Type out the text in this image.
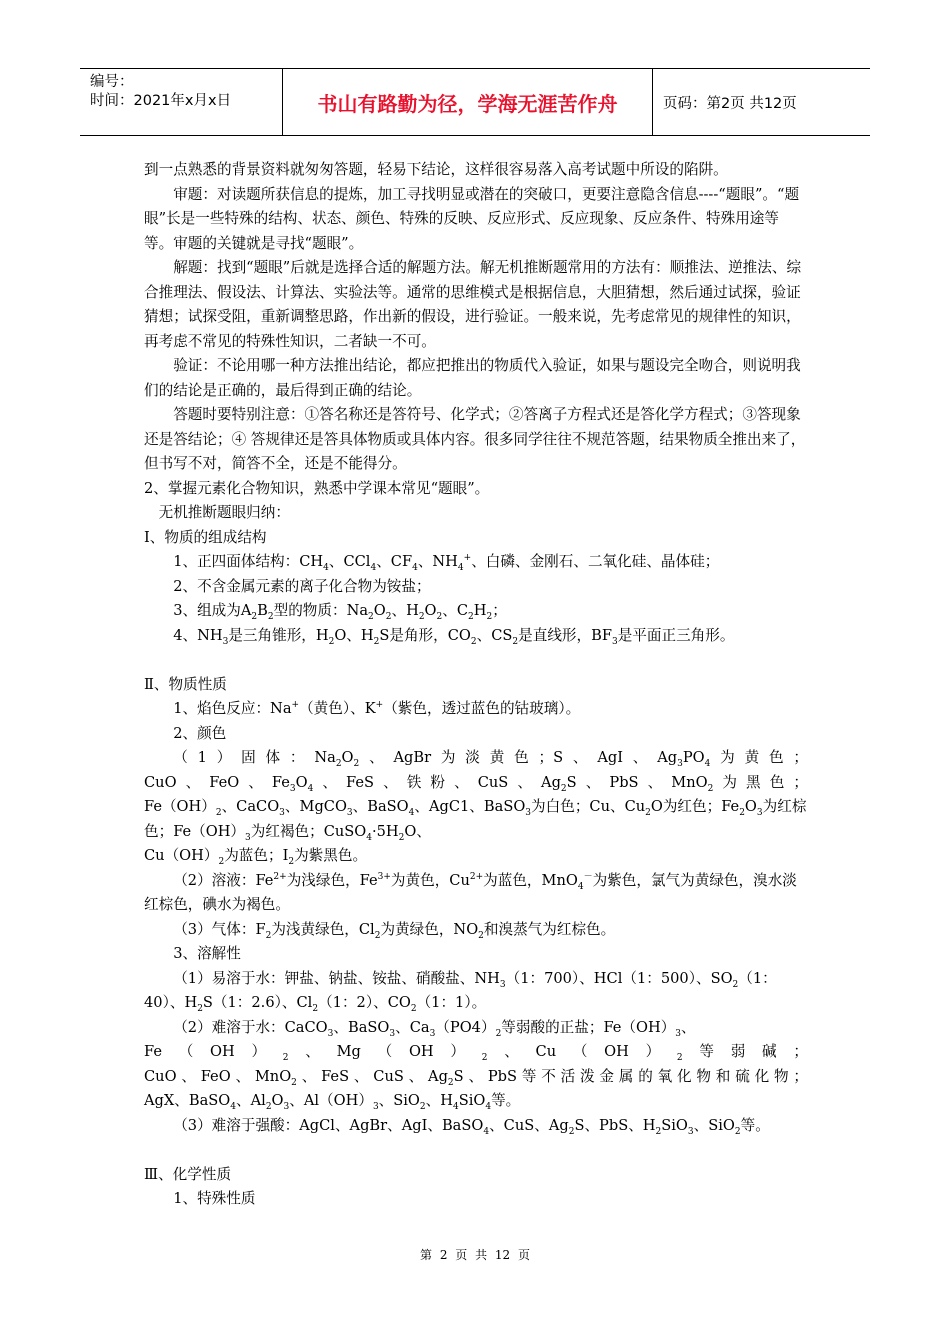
编号：
时间：2021年x月x日	书山有路勤为径，学海无涯苦作舟	页码：第2页 共12页

到一点熟悉的背景资料就匆匆答题，轻易下结论，这样很容易落入高考试题中所设的陷阱。

审题：对读题所获信息的提炼，加工寻找明显或潜在的突破口，更要注意隐含信息----“题眼”。“题眼”长是一些特殊的结构、状态、颜色、特殊的反映、反应形式、反应现象、反应条件、特殊用途等等。审题的关键就是寻找“题眼”。

解题：找到“题眼”后就是选择合适的解题方法。解无机推断题常用的方法有：顺推法、逆推法、综合推理法、假设法、计算法、实验法等。通常的思维模式是根据信息，大胆猜想，然后通过试探，验证猜想；试探受阻，重新调整思路，作出新的假设，进行验证。一般来说，先考虑常见的规律性的知识，再考虑不常见的特殊性知识，二者缺一不可。

验证：不论用哪一种方法推出结论，都应把推出的物质代入验证，如果与题设完全吻合，则说明我们的结论是正确的，最后得到正确的结论。

答题时要特别注意：①答名称还是答符号、化学式；②答离子方程式还是答化学方程式；③答现象还是答结论；④ 答规律还是答具体物质或具体内容。很多同学往往不规范答题，结果物质全推出来了，但书写不对，简答不全，还是不能得分。

2、掌握元素化合物知识，熟悉中学课本常见“题眼”。

无机推断题眼归纳：

I、物质的组成结构

1、正四面体结构：$CH_4$、CCl$_4$、$CF_4$、$NH_4^+$、白磷、金刚石、二氧化硅、晶体硅；

2、不含金属元素的离子化合物为铵盐；

3、组成为$A_2B_2$型的物质：$Na_2O_2$、$H_2O_2$、$C_2H_2$；

4、$NH_3$是三角锥形，$H_2O$、$H_2S$是角形，$CO_2$、$CS_2$是直线形，$BF_3$是平面正三角形。

Ⅱ、物质性质

1、焰色反应：Na+（黄色）、K+（紫色，透过蓝色的钴玻璃）。

2、颜色

（1）固体：$Na_2O_2$、AgBr为淡黄色；S、AgI、$Ag_3PO_4$为黄色；

CuO、FeO、$Fe_3O_4$、FeS、铁粉、CuS、$Ag_2S$、PbS、MnO$_2$为黑色；

$Fe(OH)_2$、CaCO$_3$、MgCO$_3$、BaSO$_4$、AgC1、BaSO$_3$为白色；Cu、$Cu_2O$为红色；$Fe_2O_3$为红棕色；$Fe(OH)_3$为红褐色；$CuSO_4\cdot 5H_2O$、

$Cu(OH)_2$为蓝色；$I_2$为紫黑色。

（2）溶液：$Fe^{2+}$为浅绿色，$Fe^{3+}$为黄色，$Cu^{2+}$为蓝色，MnO$_4$－为紫色，氯气为黄绿色，溴水淡红棕色，碘水为褐色。

（3）气体：$F_2$为浅黄绿色，$Cl_2$为黄绿色，$NO_2$和溴蒸气为红棕色。

3、溶解性

（1）易溶于水：钾盐、钠盐、铵盐、硝酸盐、$NH_3(1$：700）、HCl（1：500）、$SO_2(1$：40）、$H_2S(1$：2.6）、$Cl_2(1$：2）、$CO_2(1$：1）。

（2）难溶于水：CaCO$_3$、BaSO$_3$、$Ca_3(PO4)_2$等弱酸的正盐；$Fe(OH)_3$、

$Fe(OH)_2$、$Mg(OH)_2$、$Cu(OH)_2$等弱碱；

CuO、FeO、MnO$_2$、FeS、CuS、$Ag_2S$、PbS等不活泼金属的氧化物和硫化物；

AgX、BaSO$_4$、$Al_2O_3$、$Al(OH)_3$、SiO$_2$、$H_4SiO_4$等。

（3）难溶于强酸：AgCl、AgBr、AgI、BaSO$_4$、CuS、$Ag_2S$、PbS、$H_2SiO_3$、SiO$_2$等。

Ⅲ、化学性质

1、特殊性质

第 2 页 共 12 页
